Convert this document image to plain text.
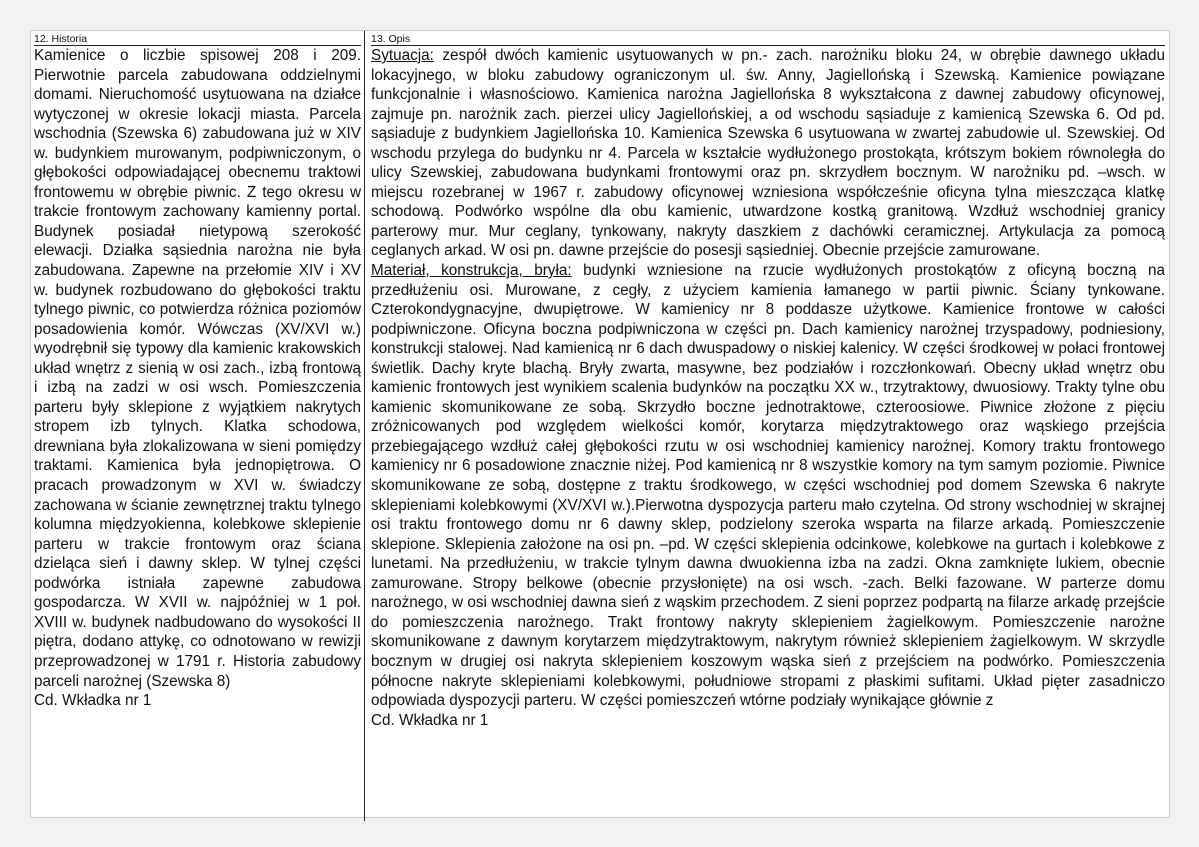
12. Historia

Kamienice o liczbie spisowej 208 i 209. Pierwotnie parcela zabudowana oddzielnymi domami. Nieruchomość usytuowana na działce wytyczonej w okresie lokacji miasta. Parcela wschodnia (Szewska 6) zabudowana już w XIV w. budynkiem murowanym, podpiwniczonym, o głębokości odpowiadającej obecnemu traktowi frontowemu w obrębie piwnic. Z tego okresu w trakcie frontowym zachowany kamienny portal. Budynek posiadał nietypową szerokość elewacji. Działka sąsiednia narożna nie była zabudowana. Zapewne na przełomie XIV i XV w. budynek rozbudowano do głębokości traktu tylnego piwnic, co potwierdza różnica poziomów posadowienia komór. Wówczas (XV/XVI w.) wyodrębnił się typowy dla kamienic krakowskich układ wnętrz z sienią w osi zach., izbą frontową i izbą na zadzi w osi wsch. Pomieszczenia parteru były sklepione z wyjątkiem nakrytych stropem izb tylnych. Klatka schodowa, drewniana była zlokalizowana w sieni pomiędzy traktami. Kamienica była jednopiętrowa. O pracach prowadzonym w XVI w. świadczy zachowana w ścianie zewnętrznej traktu tylnego kolumna międzyokienna, kolebkowe sklepienie parteru w trakcie frontowym oraz ściana dzieląca sień i dawny sklep. W tylnej części podwórka istniała zapewne zabudowa gospodarcza. W XVII w. najpóźniej w 1 poł. XVIII w. budynek nadbudowano do wysokości II piętra, dodano attykę, co odnotowano w rewizji przeprowadzonej w 1791 r. Historia zabudowy parceli narożnej (Szewska 8)
Cd. Wkładka nr 1

13. Opis

Sytuacja: zespół dwóch kamienic usytuowanych w pn.- zach. narożniku bloku 24, w obrębie dawnego układu lokacyjnego, w bloku zabudowy ograniczonym ul. św. Anny, Jagiellońską i Szewską. Kamienice powiązane funkcjonalnie i własnościowo. Kamienica narożna Jagiellońska 8 wykształcona z dawnej zabudowy oficynowej, zajmuje pn. narożnik zach. pierzei ulicy Jagiellońskiej, a od wschodu sąsiaduje z kamienicą Szewska 6. Od pd. sąsiaduje z budynkiem Jagiellońska 10. Kamienica Szewska 6 usytuowana w zwartej zabudowie ul. Szewskiej. Od wschodu przylega do budynku nr 4. Parcela w kształcie wydłużonego prostokąta, krótszym bokiem równoległa do ulicy Szewskiej, zabudowana budynkami frontowymi oraz pn. skrzydłem bocznym. W narożniku pd. –wsch. w miejscu rozebranej w 1967 r. zabudowy oficynowej wzniesiona współcześnie oficyna tylna mieszcząca klatkę schodową. Podwórko wspólne dla obu kamienic, utwardzone kostką granitową. Wzdłuż wschodniej granicy parterowy mur. Mur ceglany, tynkowany, nakryty daszkiem z dachówki ceramicznej. Artykulacja za pomocą ceglanych arkad. W osi pn. dawne przejście do posesji sąsiedniej. Obecnie przejście zamurowane.

Materiał, konstrukcja, bryła: budynki wzniesione na rzucie wydłużonych prostokątów z oficyną boczną na przedłużeniu osi. Murowane, z cegły, z użyciem kamienia łamanego w partii piwnic. Ściany tynkowane. Czterokondygnacyjne, dwupiętrowe. W kamienicy nr 8 poddasze użytkowe. Kamienice frontowe w całości podpiwniczone. Oficyna boczna podpiwniczona w części pn. Dach kamienicy narożnej trzyspadowy, podniesiony, konstrukcji stalowej. Nad kamienicą nr 6 dach dwuspadowy o niskiej kalenicy. W części środkowej w połaci frontowej świetlik. Dachy kryte blachą. Bryły zwarta, masywne, bez podziałów i rozczłonkowań. Obecny układ wnętrz obu kamienic frontowych jest wynikiem scalenia budynków na początku XX w., trzytraktowy, dwuosiowy. Trakty tylne obu kamienic skomunikowane ze sobą. Skrzydło boczne jednotraktowe, czteroosiowe. Piwnice złożone z pięciu zróżnicowanych pod względem wielkości komór, korytarza międzytraktowego oraz wąskiego przejścia przebiegającego wzdłuż całej głębokości rzutu w osi wschodniej kamienicy narożnej. Komory traktu frontowego kamienicy nr 6 posadowione znacznie niżej. Pod kamienicą nr 8 wszystkie komory na tym samym poziomie. Piwnice skomunikowane ze sobą, dostępne z traktu środkowego, w części wschodniej pod domem Szewska 6 nakryte sklepieniami kolebkowymi (XV/XVI w.).Pierwotna dyspozycja parteru mało czytelna. Od strony wschodniej w skrajnej osi traktu frontowego domu nr 6 dawny sklep, podzielony szeroka wsparta na filarze arkadą. Pomieszczenie sklepione. Sklepienia założone na osi pn. –pd. W części sklepienia odcinkowe, kolebkowe na gurtach i kolebkowe z lunetami. Na przedłużeniu, w trakcie tylnym dawna dwuokienna izba na zadzi. Okna zamknięte lukiem, obecnie zamurowane. Stropy belkowe (obecnie przysłonięte) na osi wsch. -zach. Belki fazowane. W parterze domu narożnego, w osi wschodniej dawna sień z wąskim przechodem. Z sieni poprzez podpartą na filarze arkadę przejście do pomieszczenia narożnego. Trakt frontowy nakryty sklepieniem żagielkowym. Pomieszczenie narożne skomunikowane z dawnym korytarzem międzytraktowym, nakrytym również sklepieniem żagielkowym. W skrzydle bocznym w drugiej osi nakryta sklepieniem koszowym wąska sień z przejściem na podwórko. Pomieszczenia północne nakryte sklepieniami kolebkowymi, południowe stropami z płaskimi sufitami. Układ pięter zasadniczo odpowiada dyspozycji parteru. W części pomieszczeń wtórne podziały wynikające głównie z
Cd. Wkładka nr 1
